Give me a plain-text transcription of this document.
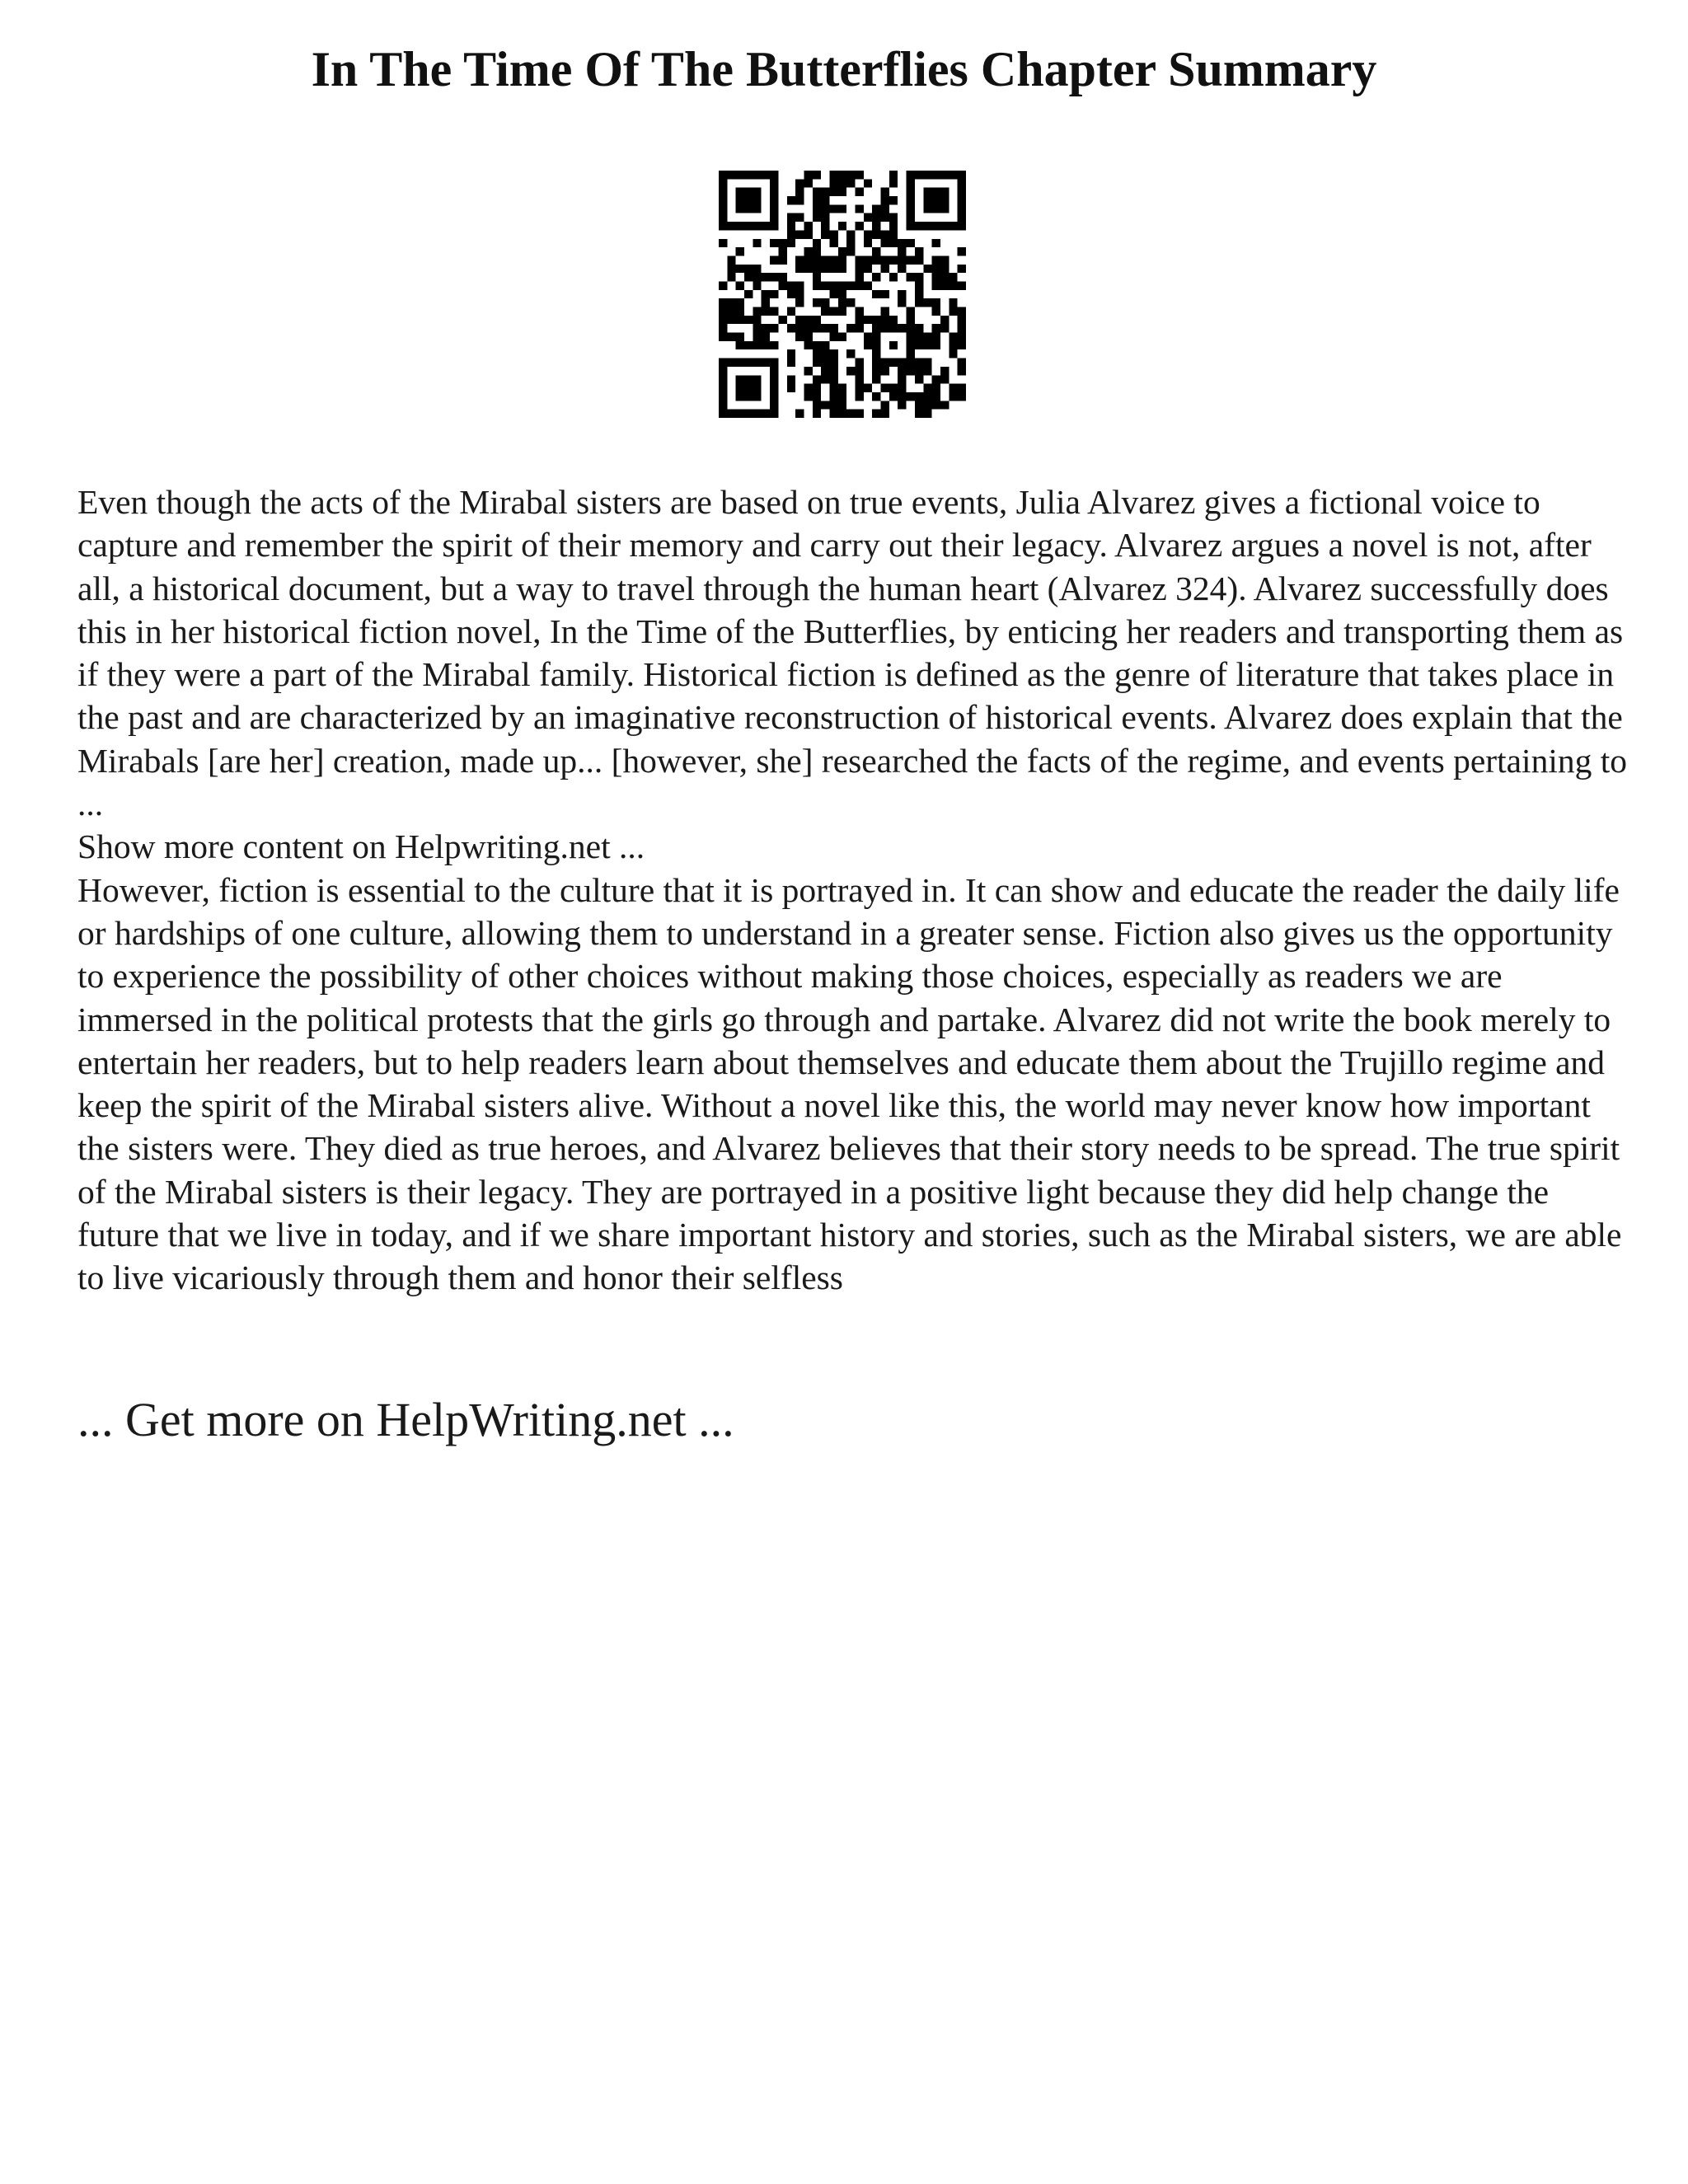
In The Time Of The Butterflies Chapter Summary

Even though the acts of the Mirabal sisters are based on true events, Julia Alvarez gives a fictional voice to capture and remember the spirit of their memory and carry out their legacy. Alvarez argues a novel is not, after all, a historical document, but a way to travel through the human heart (Alvarez 324). Alvarez successfully does this in her historical fiction novel, In the Time of the Butterflies, by enticing her readers and transporting them as if they were a part of the Mirabal family. Historical fiction is defined as the genre of literature that takes place in the past and are characterized by an imaginative reconstruction of historical events. Alvarez does explain that the Mirabals [are her] creation, made up... [however, she] researched the facts of the regime, and events pertaining to ...

Show more content on Helpwriting.net ...

However, fiction is essential to the culture that it is portrayed in. It can show and educate the reader the daily life or hardships of one culture, allowing them to understand in a greater sense. Fiction also gives us the opportunity to experience the possibility of other choices without making those choices, especially as readers we are immersed in the political protests that the girls go through and partake. Alvarez did not write the book merely to entertain her readers, but to help readers learn about themselves and educate them about the Trujillo regime and keep the spirit of the Mirabal sisters alive. Without a novel like this, the world may never know how important the sisters were. They died as true heroes, and Alvarez believes that their story needs to be spread. The true spirit of the Mirabal sisters is their legacy. They are portrayed in a positive light because they did help change the future that we live in today, and if we share important history and stories, such as the Mirabal sisters, we are able to live vicariously through them and honor their selfless

... Get more on HelpWriting.net ...
